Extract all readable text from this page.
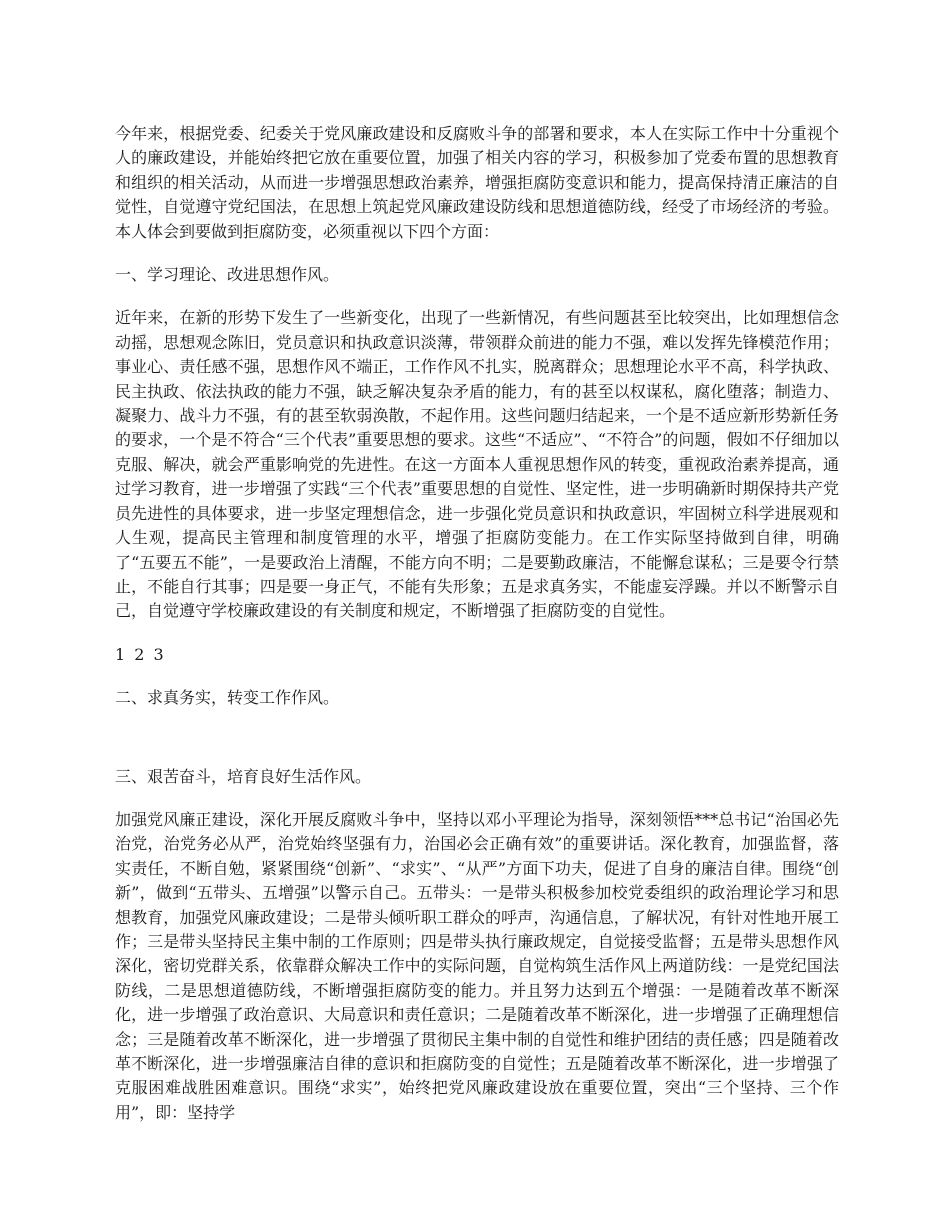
今年来，根据党委、纪委关于党风廉政建设和反腐败斗争的部署和要求，本人在实际工作中十分重视个人的廉政建设，并能始终把它放在重要位置，加强了相关内容的学习，积极参加了党委布置的思想教育和组织的相关活动，从而进一步增强思想政治素养，增强拒腐防变意识和能力，提高保持清正廉洁的自觉性，自觉遵守党纪国法，在思想上筑起党风廉政建设防线和思想道德防线，经受了市场经济的考验。本人体会到要做到拒腐防变，必须重视以下四个方面：

一、学习理论、改进思想作风。

近年来，在新的形势下发生了一些新变化，出现了一些新情况，有些问题甚至比较突出，比如理想信念动摇，思想观念陈旧，党员意识和执政意识淡薄，带领群众前进的能力不强，难以发挥先锋模范作用；事业心、责任感不强，思想作风不端正，工作作风不扎实，脱离群众；思想理论水平不高，科学执政、民主执政、依法执政的能力不强，缺乏解决复杂矛盾的能力，有的甚至以权谋私，腐化堕落；制造力、凝聚力、战斗力不强，有的甚至软弱涣散，不起作用。这些问题归结起来，一个是不适应新形势新任务的要求，一个是不符合“三个代表”重要思想的要求。这些“不适应”、“不符合”的问题，假如不仔细加以克服、解决，就会严重影响党的先进性。在这一方面本人重视思想作风的转变，重视政治素养提高，通过学习教育，进一步增强了实践“三个代表”重要思想的自觉性、坚定性，进一步明确新时期保持共产党员先进性的具体要求，进一步坚定理想信念，进一步强化党员意识和执政意识，牢固树立科学进展观和人生观，提高民主管理和制度管理的水平，增强了拒腐防变能力。在工作实际坚持做到自律，明确了“五要五不能”，一是要政治上清醒，不能方向不明；二是要勤政廉洁，不能懈怠谋私；三是要令行禁止，不能自行其事；四是要一身正气，不能有失形象；五是求真务实，不能虚妄浮躁。并以不断警示自己，自觉遵守学校廉政建设的有关制度和规定，不断增强了拒腐防变的自觉性。

1 2 3

二、求真务实，转变工作作风。

三、艰苦奋斗，培育良好生活作风。

加强党风廉正建设，深化开展反腐败斗争中，坚持以邓小平理论为指导，深刻领悟***总书记“治国必先治党，治党务必从严，治党始终坚强有力，治国必会正确有效”的重要讲话。深化教育，加强监督，落实责任，不断自勉，紧紧围绕“创新”、“求实”、“从严”方面下功夫，促进了自身的廉洁自律。围绕“创新”，做到“五带头、五增强”以警示自己。五带头：一是带头积极参加校党委组织的政治理论学习和思想教育，加强党风廉政建设；二是带头倾听职工群众的呼声，沟通信息，了解状况，有针对性地开展工作；三是带头坚持民主集中制的工作原则；四是带头执行廉政规定，自觉接受监督；五是带头思想作风深化，密切党群关系，依靠群众解决工作中的实际问题，自觉构筑生活作风上两道防线：一是党纪国法防线，二是思想道德防线，不断增强拒腐防变的能力。并且努力达到五个增强：一是随着改革不断深化，进一步增强了政治意识、大局意识和责任意识；二是随着改革不断深化，进一步增强了正确理想信念；三是随着改革不断深化，进一步增强了贯彻民主集中制的自觉性和维护团结的责任感；四是随着改革不断深化，进一步增强廉洁自律的意识和拒腐防变的自觉性；五是随着改革不断深化，进一步增强了克服困难战胜困难意识。围绕“求实”，始终把党风廉政建设放在重要位置，突出“三个坚持、三个作用”，即：坚持学
